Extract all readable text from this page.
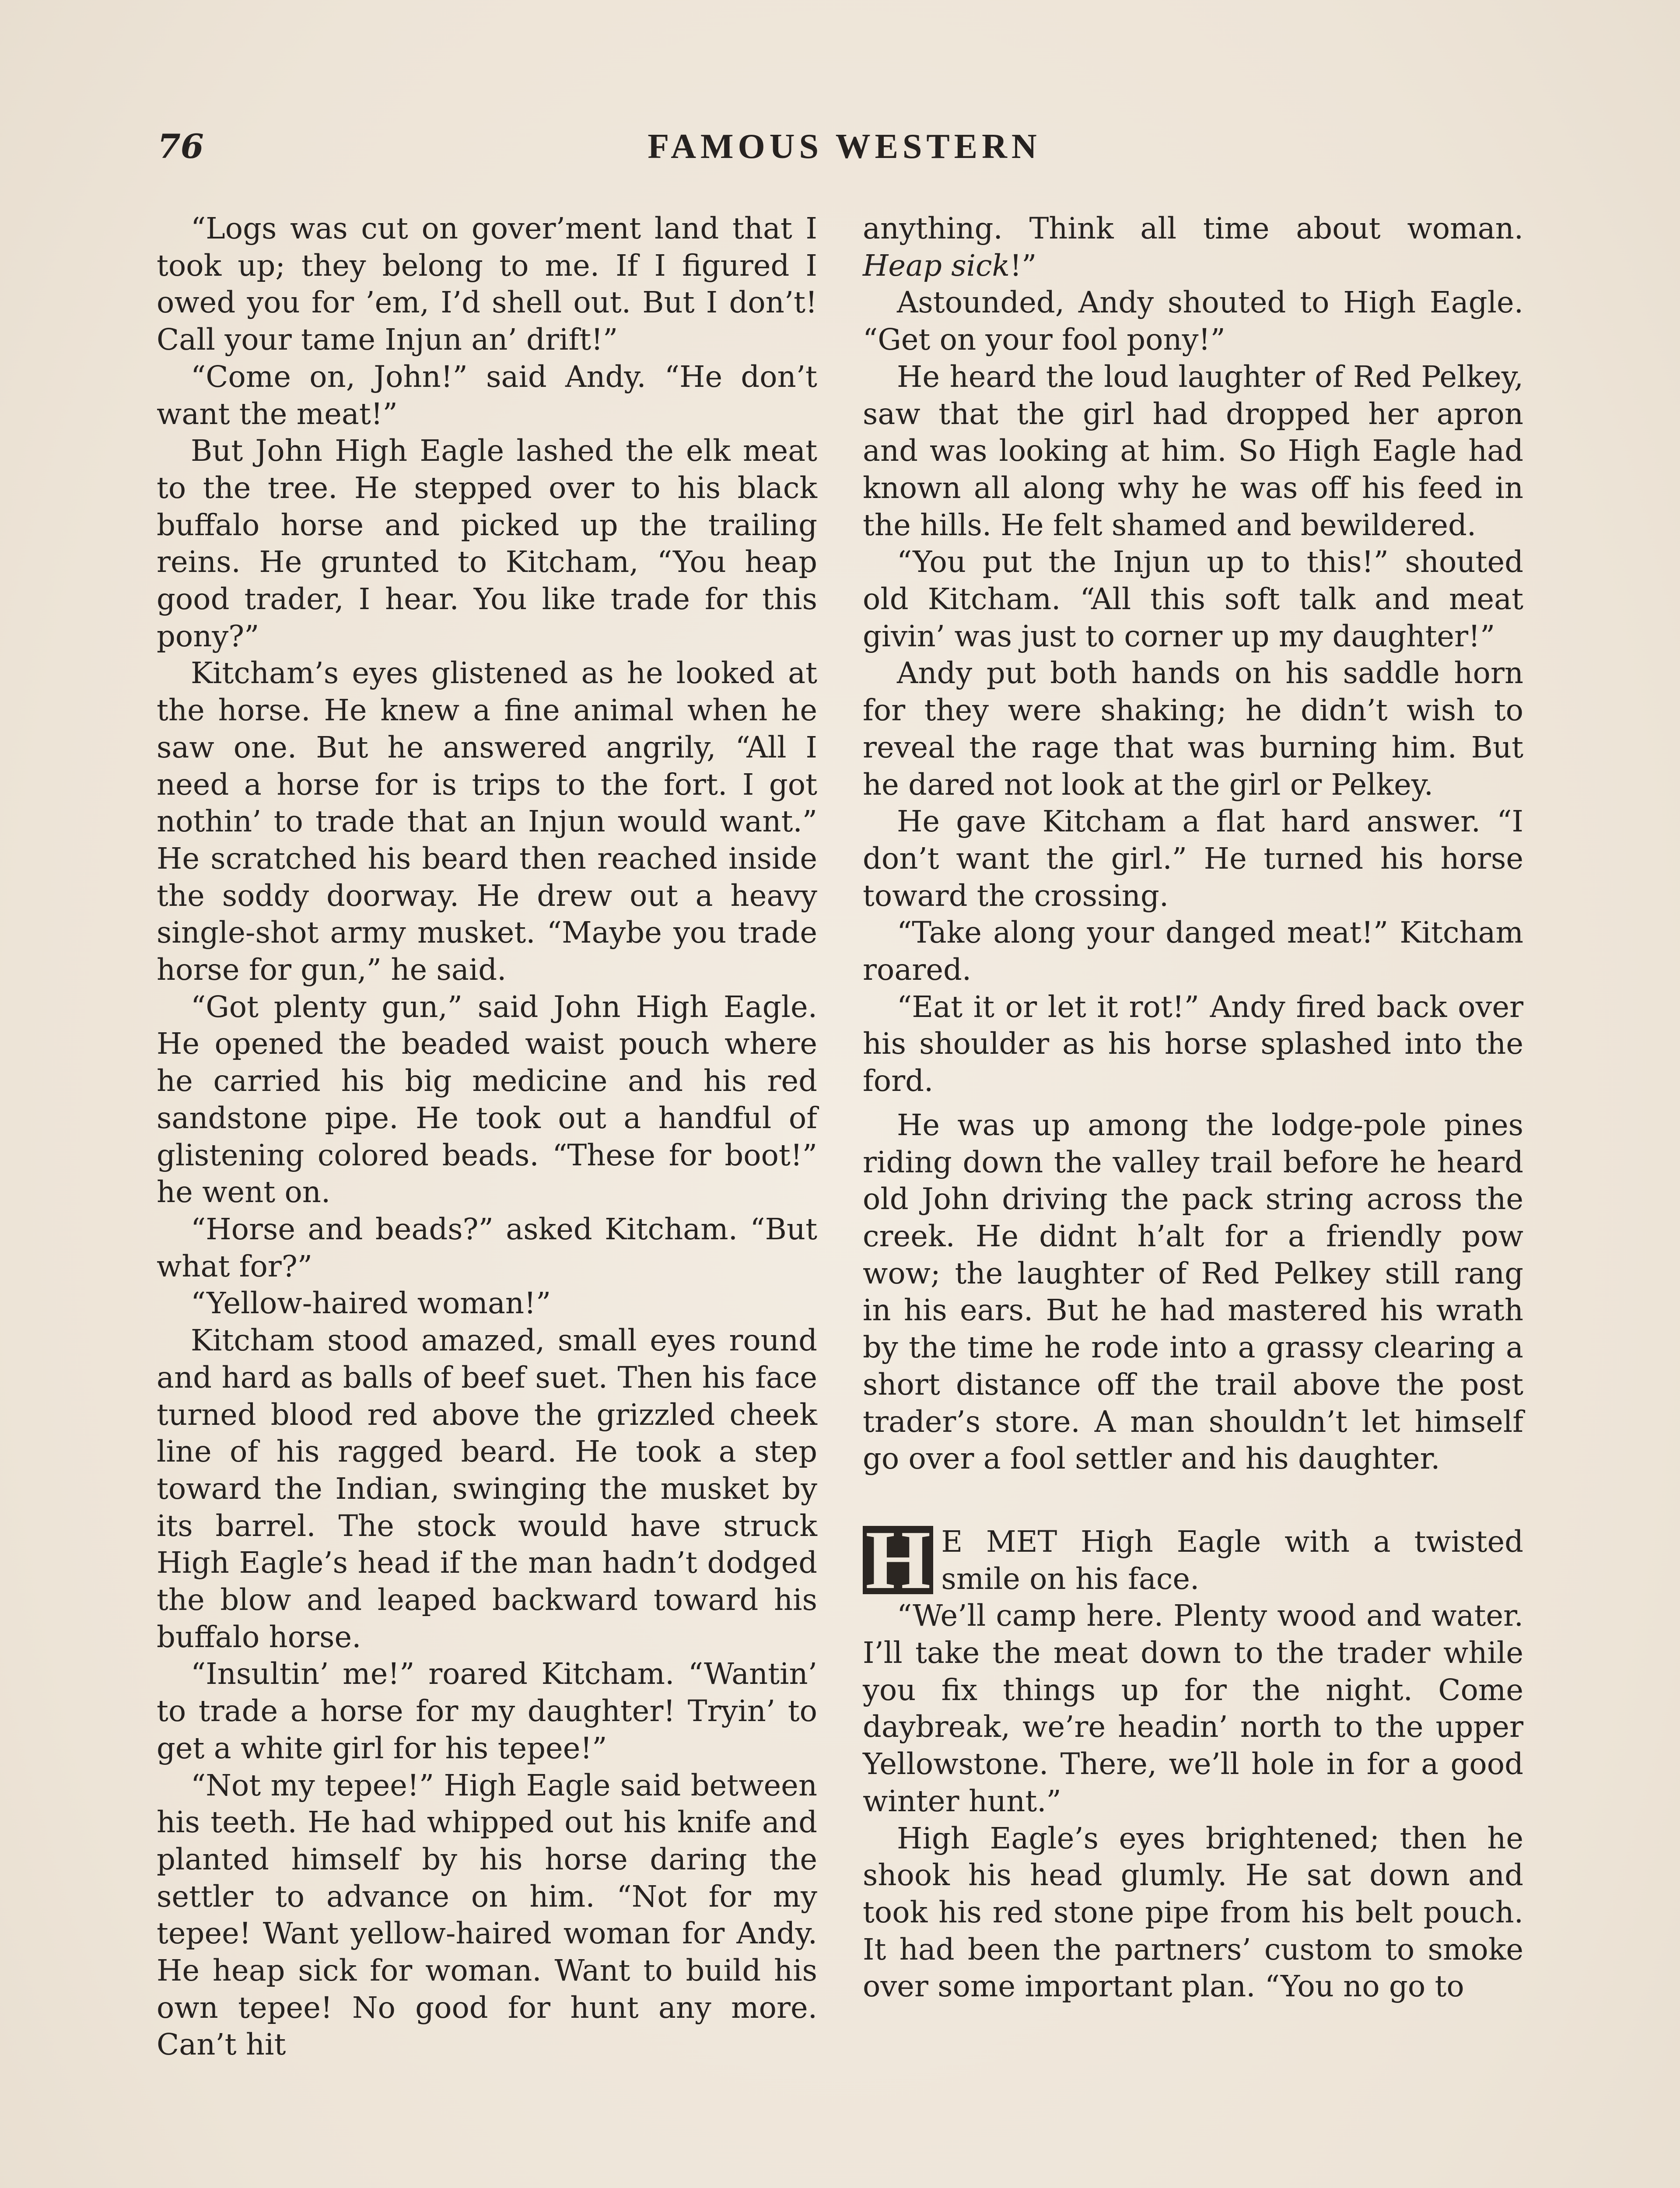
76	FAMOUS WESTERN

“Logs was cut on gover’ment land that I took up; they belong to me. If I figured I owed you for ’em, I’d shell out. But I don’t! Call your tame Injun an’ drift!”

“Come on, John!” said Andy. “He don’t want the meat!”

But John High Eagle lashed the elk meat to the tree. He stepped over to his black buffalo horse and picked up the trailing reins. He grunted to Kitcham, “You heap good trader, I hear. You like trade for this pony?”

Kitcham’s eyes glistened as he looked at the horse. He knew a fine animal when he saw one. But he answered angrily, “All I need a horse for is trips to the fort. I got nothin’ to trade that an Injun would want.” He scratched his beard then reached inside the soddy doorway. He drew out a heavy single-shot army musket. “Maybe you trade horse for gun,” he said.

“Got plenty gun,” said John High Eagle. He opened the beaded waist pouch where he carried his big medicine and his red sandstone pipe. He took out a handful of glistening colored beads. “These for boot!” he went on.

“Horse and beads?” asked Kitcham. “But what for?”

“Yellow-haired woman!”

Kitcham stood amazed, small eyes round and hard as balls of beef suet. Then his face turned blood red above the grizzled cheek line of his ragged beard. He took a step toward the Indian, swinging the musket by its barrel. The stock would have struck High Eagle’s head if the man hadn’t dodged the blow and leaped backward toward his buffalo horse.

“Insultin’ me!” roared Kitcham. “Wantin’ to trade a horse for my daughter! Tryin’ to get a white girl for his tepee!”

“Not my tepee!” High Eagle said between his teeth. He had whipped out his knife and planted himself by his horse daring the settler to advance on him. “Not for my tepee! Want yellow-haired woman for Andy. He heap sick for woman. Want to build his own tepee! No good for hunt any more. Can’t hit

anything. Think all time about woman. Heap sick!”

Astounded, Andy shouted to High Eagle. “Get on your fool pony!”

He heard the loud laughter of Red Pelkey, saw that the girl had dropped her apron and was looking at him. So High Eagle had known all along why he was off his feed in the hills. He felt shamed and bewildered.

“You put the Injun up to this!” shouted old Kitcham. “All this soft talk and meat givin’ was just to corner up my daughter!”

Andy put both hands on his saddle horn for they were shaking; he didn’t wish to reveal the rage that was burning him. But he dared not look at the girl or Pelkey.

He gave Kitcham a flat hard answer. “I don’t want the girl.” He turned his horse toward the crossing.

“Take along your danged meat!” Kitcham roared.

“Eat it or let it rot!” Andy fired back over his shoulder as his horse splashed into the ford.

He was up among the lodge-pole pines riding down the valley trail before he heard old John driving the pack string across the creek. He didnt h’alt for a friendly pow wow; the laughter of Red Pelkey still rang in his ears. But he had mastered his wrath by the time he rode into a grassy clearing a short distance off the trail above the post trader’s store. A man shouldn’t let himself go over a fool settler and his daughter.

H E MET High Eagle with a twisted smile on his face.

“We’ll camp here. Plenty wood and water. I’ll take the meat down to the trader while you fix things up for the night. Come daybreak, we’re headin’ north to the upper Yellowstone. There, we’ll hole in for a good winter hunt.”

High Eagle’s eyes brightened; then he shook his head glumly. He sat down and took his red stone pipe from his belt pouch. It had been the partners’ custom to smoke over some important plan. “You no go to
